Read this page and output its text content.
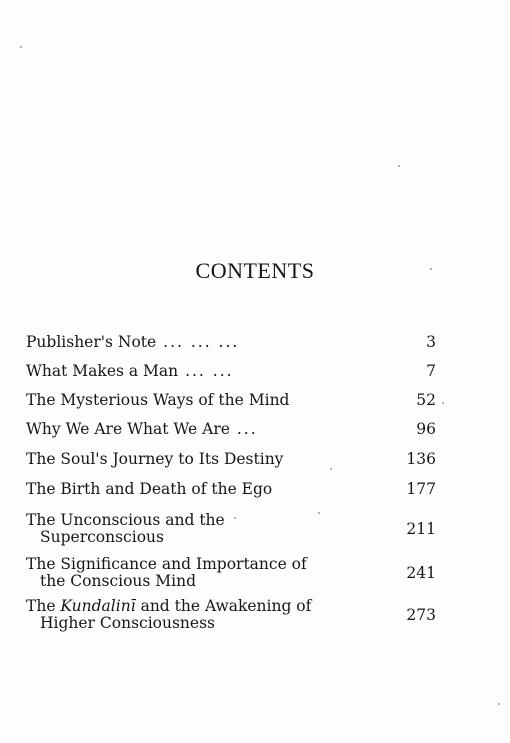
CONTENTS
Publisher's Note ... ... ...	3
What Makes a Man ... ...	7
The Mysterious Ways of the Mind	52
Why We Are What We Are ...	96
The Soul's Journey to Its Destiny	136
The Birth and Death of the Ego	177
The Unconscious and the
Superconscious	211
The Significance and Importance of
the Conscious Mind	241
The Kundalinī and the Awakening of
Higher Consciousness	273
